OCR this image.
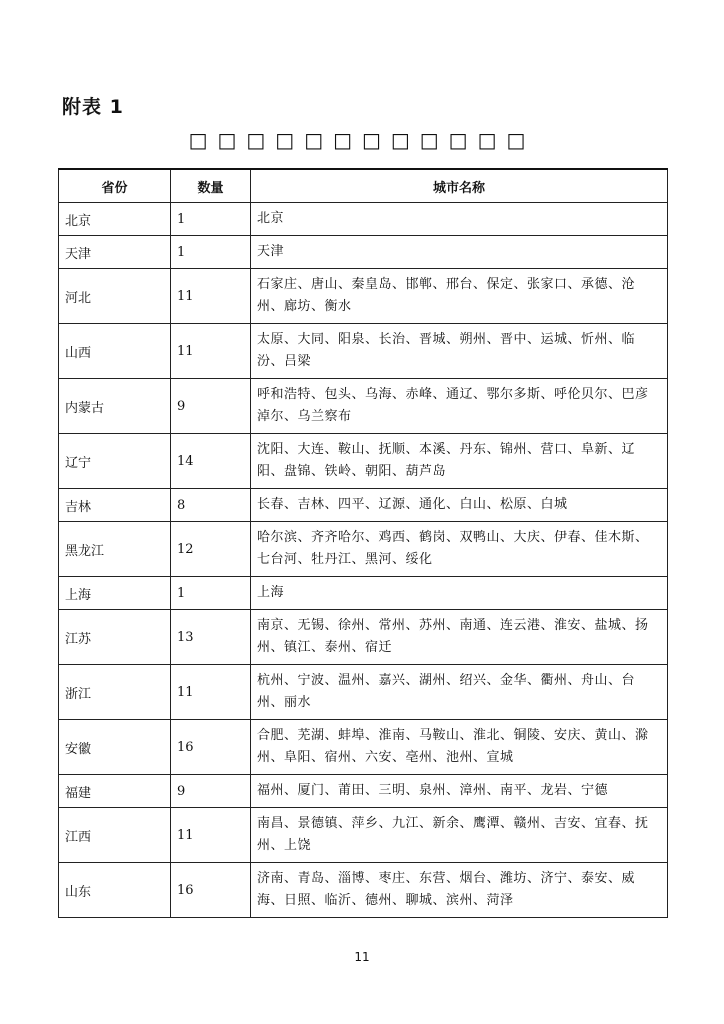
附表 1
□□□□□□□□□□□□
省份	数量	城市名称
北京	1	北京
天津	1	天津
河北	11	石家庄、唐山、秦皇岛、邯郸、邢台、保定、张家口、承德、沧州、廊坊、衡水
山西	11	太原、大同、阳泉、长治、晋城、朔州、晋中、运城、忻州、临汾、吕梁
内蒙古	9	呼和浩特、包头、乌海、赤峰、通辽、鄂尔多斯、呼伦贝尔、巴彦淖尔、乌兰察布
辽宁	14	沈阳、大连、鞍山、抚顺、本溪、丹东、锦州、营口、阜新、辽阳、盘锦、铁岭、朝阳、葫芦岛
吉林	8	长春、吉林、四平、辽源、通化、白山、松原、白城
黑龙江	12	哈尔滨、齐齐哈尔、鸡西、鹤岗、双鸭山、大庆、伊春、佳木斯、七台河、牡丹江、黑河、绥化
上海	1	上海
江苏	13	南京、无锡、徐州、常州、苏州、南通、连云港、淮安、盐城、扬州、镇江、泰州、宿迁
浙江	11	杭州、宁波、温州、嘉兴、湖州、绍兴、金华、衢州、舟山、台州、丽水
安徽	16	合肥、芜湖、蚌埠、淮南、马鞍山、淮北、铜陵、安庆、黄山、滁州、阜阳、宿州、六安、亳州、池州、宣城
福建	9	福州、厦门、莆田、三明、泉州、漳州、南平、龙岩、宁德
江西	11	南昌、景德镇、萍乡、九江、新余、鹰潭、赣州、吉安、宜春、抚州、上饶
山东	16	济南、青岛、淄博、枣庄、东营、烟台、潍坊、济宁、泰安、威海、日照、临沂、德州、聊城、滨州、菏泽
11
